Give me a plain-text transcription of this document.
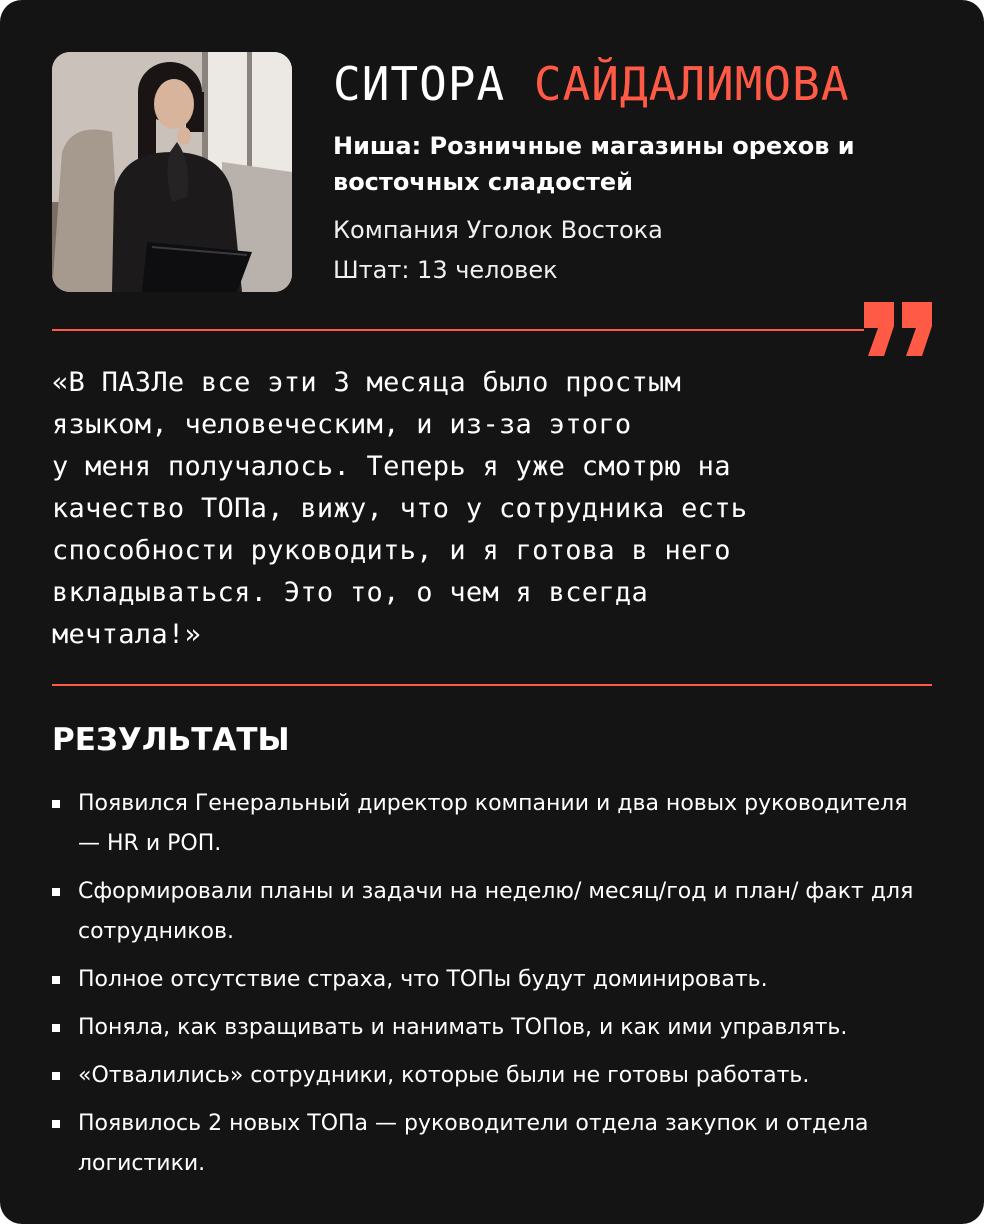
СИТОРА САЙДАЛИМОВА
Ниша: Розничные магазины орехов и восточных сладостей
Компания Уголок Востока
Штат: 13 человек
«В ПАЗЛе все эти 3 месяца было простым
языком, человеческим, и из-за этого
у меня получалось. Теперь я уже смотрю на
качество ТОПа, вижу, что у сотрудника есть
способности руководить, и я готова в него
вкладываться. Это то, о чем я всегда
мечтала!»
РЕЗУЛЬТАТЫ
Появился Генеральный директор компании и два новых руководителя — HR и РОП.
Сформировали планы и задачи на неделю/ месяц/год и план/ факт для сотрудников.
Полное отсутствие страха, что ТОПы будут доминировать.
Поняла, как взращивать и нанимать ТОПов, и как ими управлять.
«Отвалились» сотрудники, которые были не готовы работать.
Появилось 2 новых ТОПа — руководители отдела закупок и отдела логистики.
